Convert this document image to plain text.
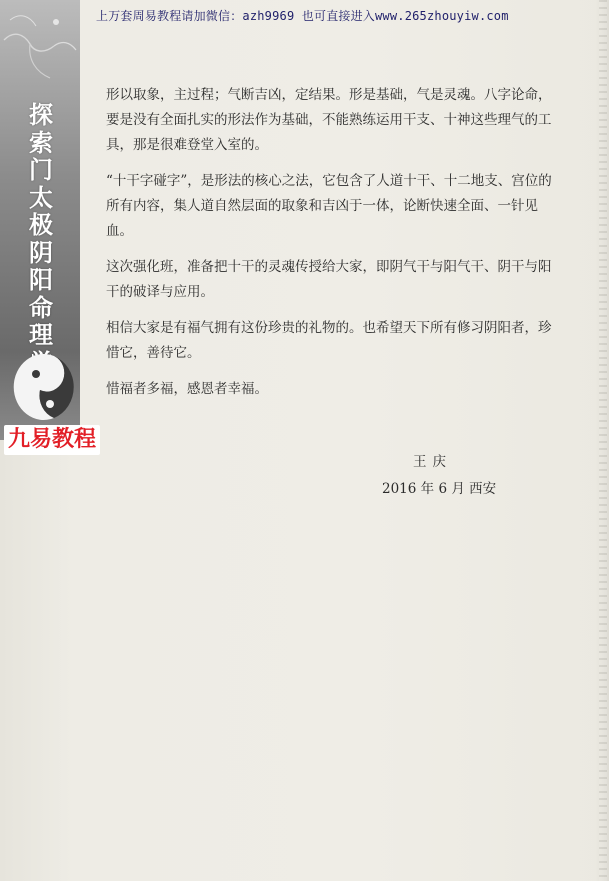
上万套周易教程请加微信：azh9969 也可直接进入www.265zhouyiw.com
探
索
门
太
极
阴
阳
命
理
九易教程

形以取象，主过程；气断吉凶，定结果。形是基础，气是灵魂。八字论命，要是没有全面扎实的形法作为基础，不能熟练运用干支、十神这些理气的工具，那是很难登堂入室的。

“十干字碰字”，是形法的核心之法，它包含了人道十干、十二地支、宫位的所有内容，集人道自然层面的取象和吉凶于一体，论断快速全面、一针见血。

这次强化班，准备把十干的灵魂传授给大家，即阴气干与阳气干、阴干与阳干的破译与应用。

相信大家是有福气拥有这份珍贵的礼物的。也希望天下所有修习阴阳者，珍惜它，善待它。

惜福者多福，感恩者幸福。

王庆
2016 年 6 月 西安
